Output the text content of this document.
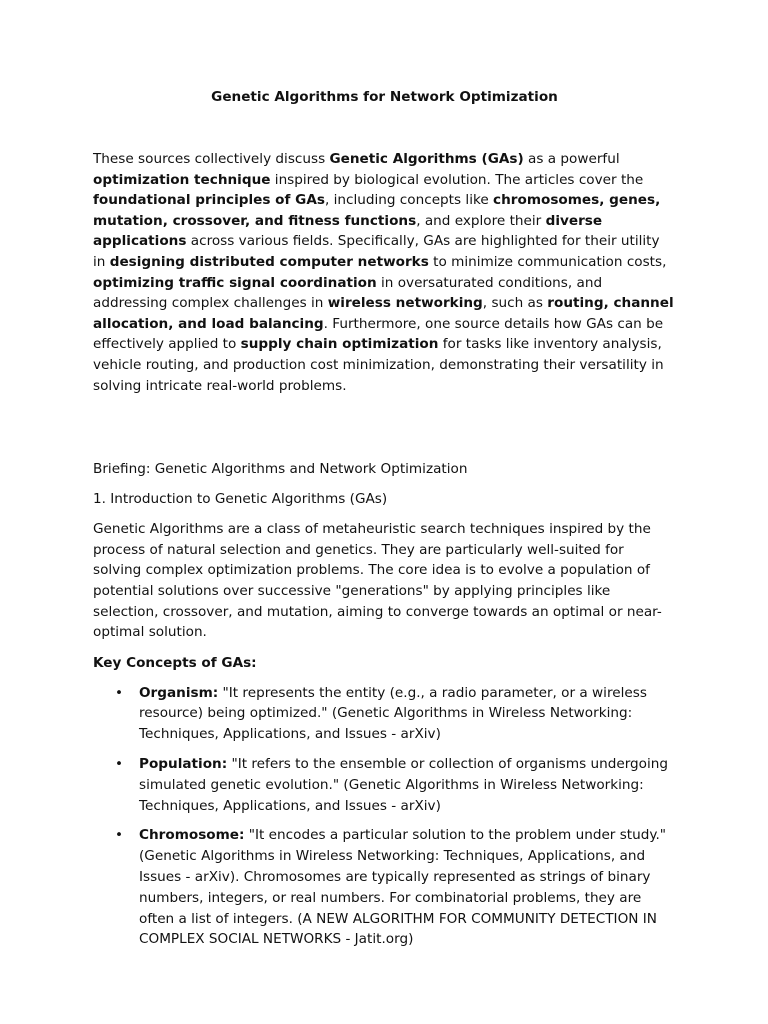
Genetic Algorithms for Network Optimization

These sources collectively discuss Genetic Algorithms (GAs) as a powerful optimization technique inspired by biological evolution. The articles cover the foundational principles of GAs, including concepts like chromosomes, genes, mutation, crossover, and fitness functions, and explore their diverse applications across various fields. Specifically, GAs are highlighted for their utility in designing distributed computer networks to minimize communication costs, optimizing traffic signal coordination in oversaturated conditions, and addressing complex challenges in wireless networking, such as routing, channel allocation, and load balancing. Furthermore, one source details how GAs can be effectively applied to supply chain optimization for tasks like inventory analysis, vehicle routing, and production cost minimization, demonstrating their versatility in solving intricate real-world problems.

Briefing: Genetic Algorithms and Network Optimization

1. Introduction to Genetic Algorithms (GAs)

Genetic Algorithms are a class of metaheuristic search techniques inspired by the process of natural selection and genetics. They are particularly well-suited for solving complex optimization problems. The core idea is to evolve a population of potential solutions over successive "generations" by applying principles like selection, crossover, and mutation, aiming to converge towards an optimal or near-optimal solution.

Key Concepts of GAs:

• Organism: "It represents the entity (e.g., a radio parameter, or a wireless resource) being optimized." (Genetic Algorithms in Wireless Networking: Techniques, Applications, and Issues - arXiv)
• Population: "It refers to the ensemble or collection of organisms undergoing simulated genetic evolution." (Genetic Algorithms in Wireless Networking: Techniques, Applications, and Issues - arXiv)
• Chromosome: "It encodes a particular solution to the problem under study." (Genetic Algorithms in Wireless Networking: Techniques, Applications, and Issues - arXiv). Chromosomes are typically represented as strings of binary numbers, integers, or real numbers. For combinatorial problems, they are often a list of integers. (A NEW ALGORITHM FOR COMMUNITY DETECTION IN COMPLEX SOCIAL NETWORKS - Jatit.org)
